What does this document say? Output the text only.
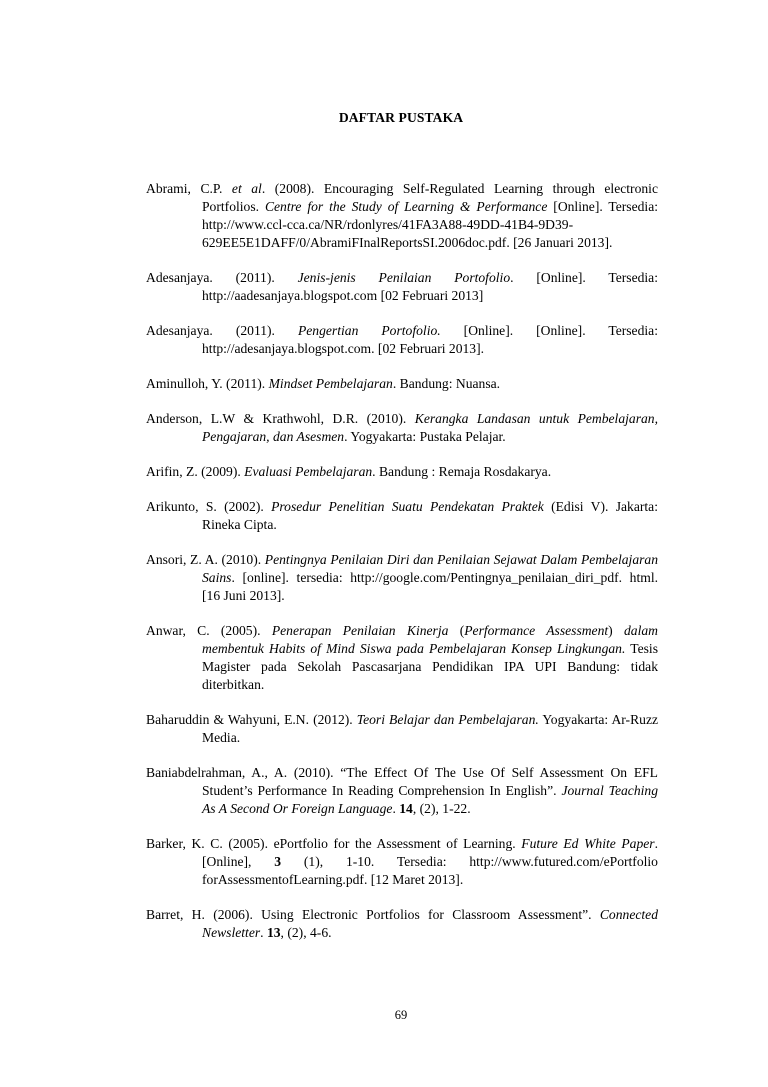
DAFTAR PUSTAKA
Abrami, C.P. et al. (2008). Encouraging Self-Regulated Learning through electronic Portfolios. Centre for the Study of Learning & Performance [Online]. Tersedia: http://www.ccl-cca.ca/NR/rdonlyres/41FA3A88-49DD-41B4-9D39-629EE5E1DAFF/0/AbramiFInalReportsSI.2006doc.pdf. [26 Januari 2013].
Adesanjaya. (2011). Jenis-jenis Penilaian Portofolio. [Online]. Tersedia: http://aadesanjaya.blogspot.com [02 Februari 2013]
Adesanjaya. (2011). Pengertian Portofolio. [Online]. [Online]. Tersedia: http://adesanjaya.blogspot.com. [02 Februari 2013].
Aminulloh, Y. (2011). Mindset Pembelajaran. Bandung: Nuansa.
Anderson, L.W & Krathwohl, D.R. (2010). Kerangka Landasan untuk Pembelajaran, Pengajaran, dan Asesmen. Yogyakarta: Pustaka Pelajar.
Arifin, Z. (2009). Evaluasi Pembelajaran. Bandung : Remaja Rosdakarya.
Arikunto, S. (2002). Prosedur Penelitian Suatu Pendekatan Praktek (Edisi V). Jakarta: Rineka Cipta.
Ansori, Z. A. (2010). Pentingnya Penilaian Diri dan Penilaian Sejawat Dalam Pembelajaran Sains. [online]. tersedia: http://google.com/Pentingnya_penilaian_diri_pdf. html. [16 Juni 2013].
Anwar, C. (2005). Penerapan Penilaian Kinerja (Performance Assessment) dalam membentuk Habits of Mind Siswa pada Pembelajaran Konsep Lingkungan. Tesis Magister pada Sekolah Pascasarjana Pendidikan IPA UPI Bandung: tidak diterbitkan.
Baharuddin & Wahyuni, E.N. (2012). Teori Belajar dan Pembelajaran. Yogyakarta: Ar-Ruzz Media.
Baniabdelrahman, A., A. (2010). “The Effect Of The Use Of Self Assessment On EFL Student’s Performance In Reading Comprehension In English”. Journal Teaching As A Second Or Foreign Language. 14, (2), 1-22.
Barker, K. C. (2005). ePortfolio for the Assessment of Learning. Future Ed White Paper. [Online], 3 (1), 1-10. Tersedia: http://www.futured.com/ePortfolio forAssessmentofLearning.pdf. [12 Maret 2013].
Barret, H. (2006). Using Electronic Portfolios for Classroom Assessment”. Connected Newsletter. 13, (2), 4-6.
69
